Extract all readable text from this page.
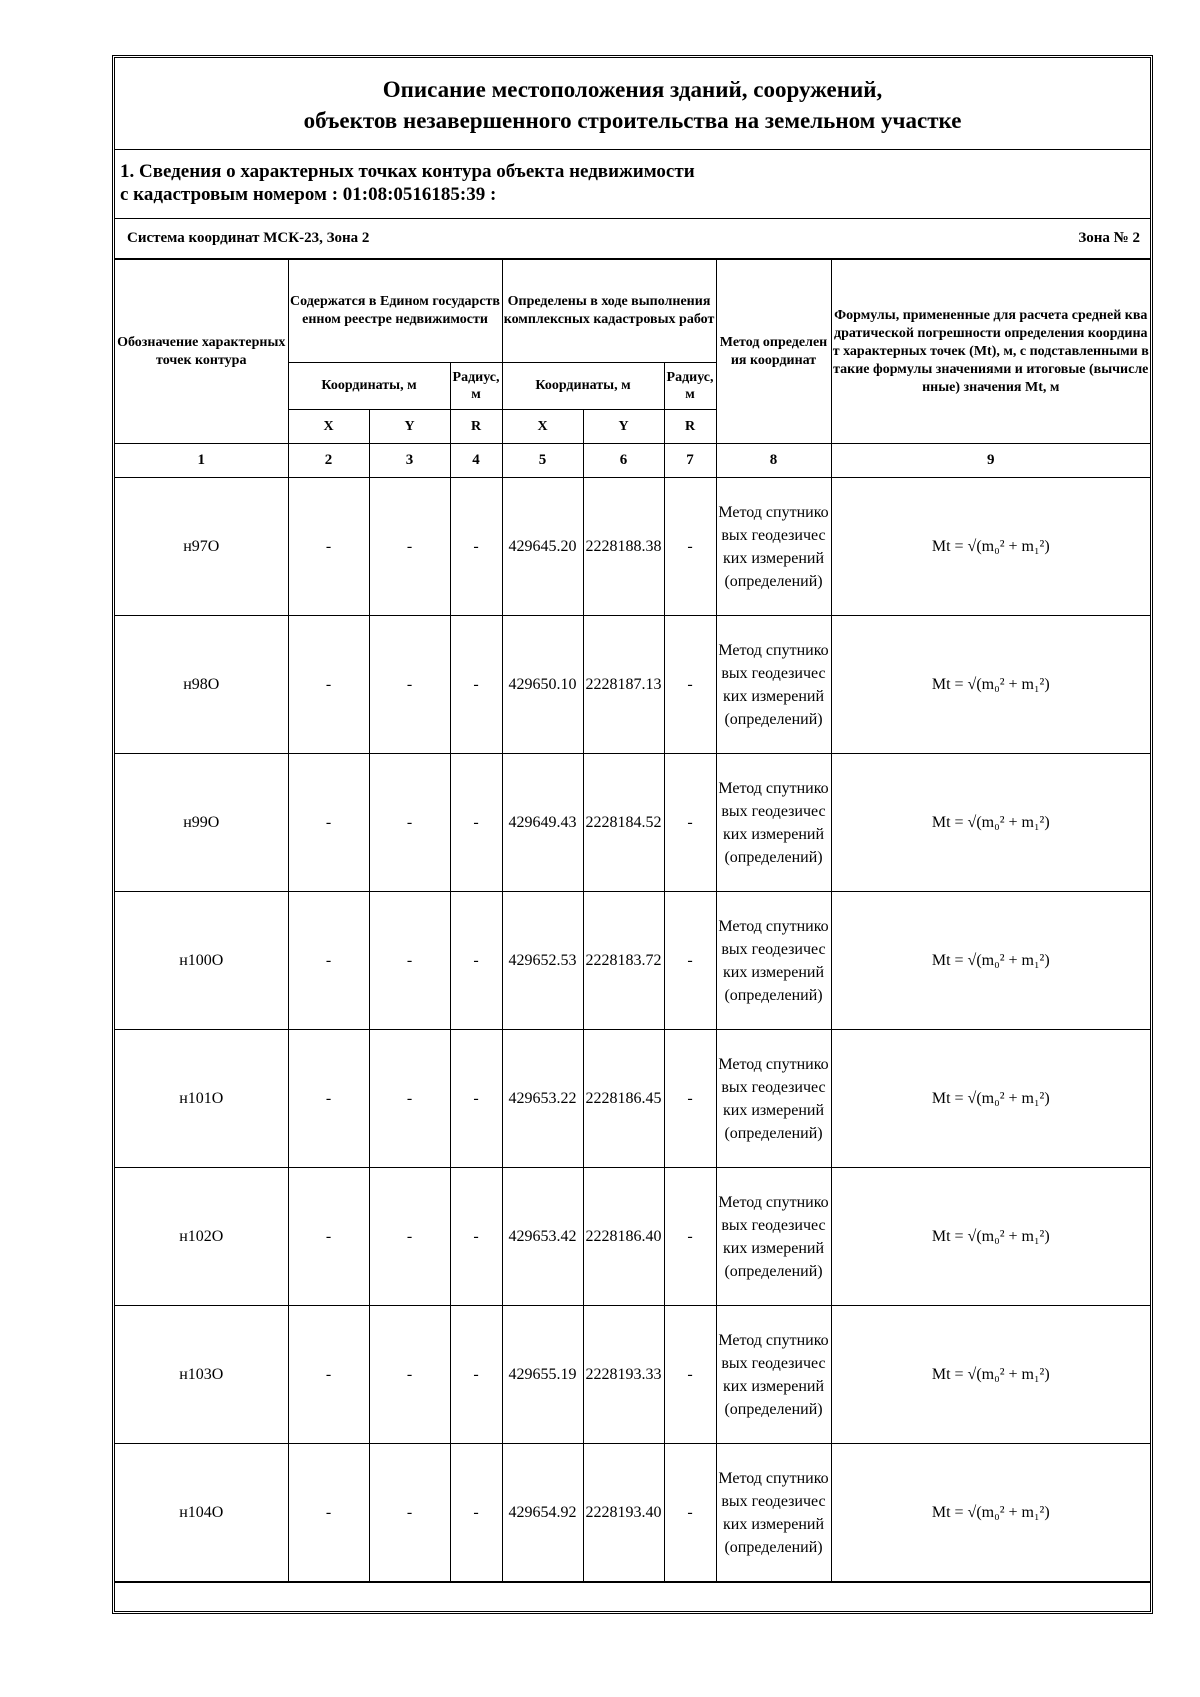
Описание местоположения зданий, сооружений,
объектов незавершенного строительства на земельном участке
1. Сведения о характерных точках контура объекта недвижимости
с кадастровым номером : 01:08:0516185:39 :
Система координат МСК-23, Зона 2	Зона № 2
Обозначение характерных точек контура	Содержатся в Едином государственном реестре недвижимости			Определены в ходе выполнения комплексных кадастровых работ			Метод определения координат	Формулы, примененные для расчета средней квадратической погрешности определения координат характерных точек (Mt), м, с подставленными в такие формулы значениями и итоговые (вычисленные) значения Mt, м
	Координаты, м		Радиус, м	Координаты, м		Радиус, м		
	X	Y	R	X	Y	R		
1	2	3	4	5	6	7	8	9
н97О	-	-	-	429645.20	2228188.38	-	Метод спутниковых геодезических измерений (определений)	Mt = √(m₀² + m₁²)
н98О	-	-	-	429650.10	2228187.13	-	Метод спутниковых геодезических измерений (определений)	Mt = √(m₀² + m₁²)
н99О	-	-	-	429649.43	2228184.52	-	Метод спутниковых геодезических измерений (определений)	Mt = √(m₀² + m₁²)
н100О	-	-	-	429652.53	2228183.72	-	Метод спутниковых геодезических измерений (определений)	Mt = √(m₀² + m₁²)
н101О	-	-	-	429653.22	2228186.45	-	Метод спутниковых геодезических измерений (определений)	Mt = √(m₀² + m₁²)
н102О	-	-	-	429653.42	2228186.40	-	Метод спутниковых геодезических измерений (определений)	Mt = √(m₀² + m₁²)
н103О	-	-	-	429655.19	2228193.33	-	Метод спутниковых геодезических измерений (определений)	Mt = √(m₀² + m₁²)
н104О	-	-	-	429654.92	2228193.40	-	Метод спутниковых геодезических измерений (определений)	Mt = √(m₀² + m₁²)
